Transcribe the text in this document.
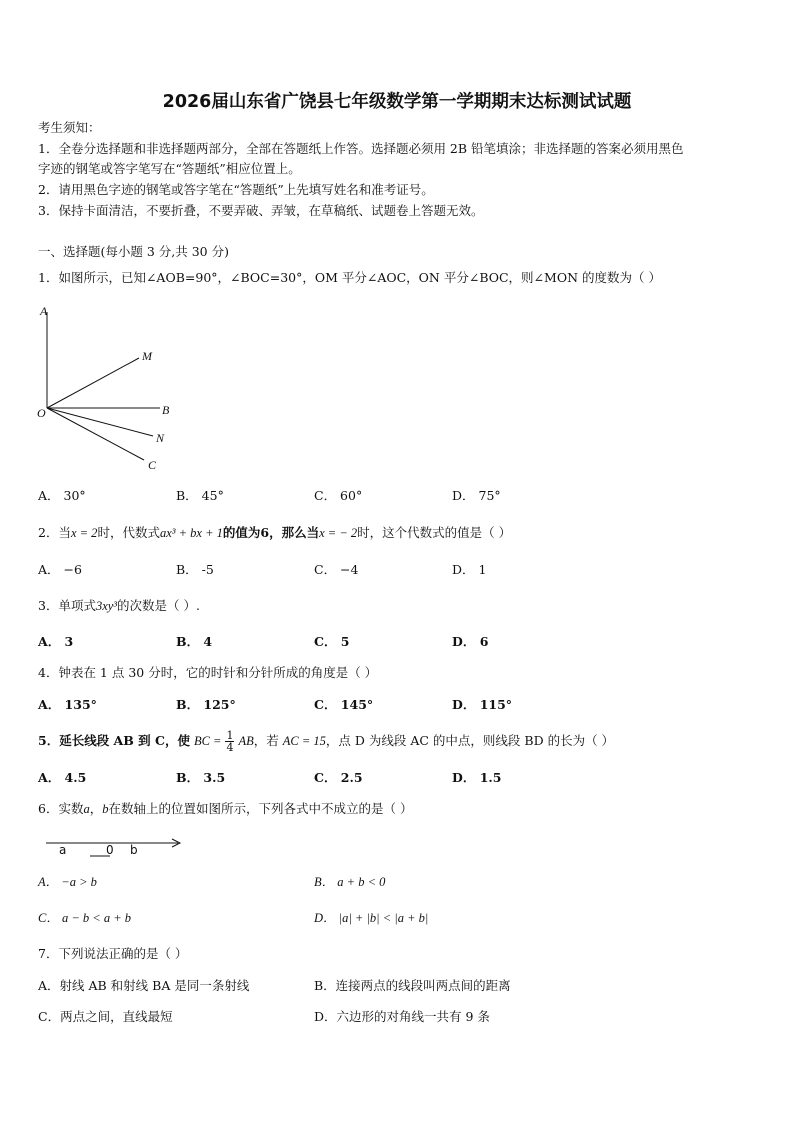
2026届山东省广饶县七年级数学第一学期期末达标测试试题
考生须知：
1．全卷分选择题和非选择题两部分，全部在答题纸上作答。选择题必须用 2B 铅笔填涂；非选择题的答案必须用黑色
字迹的钢笔或答字笔写在“答题纸”相应位置上。
2．请用黑色字迹的钢笔或答字笔在“答题纸”上先填写姓名和准考证号。
3．保持卡面清洁，不要折叠，不要弄破、弄皱，在草稿纸、试题卷上答题无效。
一、选择题(每小题 3 分,共 30 分)
1．如图所示，已知∠AOB=90°，∠BOC=30°，OM 平分∠AOC，ON 平分∠BOC，则∠MON 的度数为（ ）
A
M
O	B
N
C
A． 30°	B． 45°	C． 60°	D． 75°
2．当x = 2时，代数式ax³ + bx + 1的值为6，那么当x = − 2时，这个代数式的值是（ ）
A． −6	B． -5	C． −4	D． 1
3．单项式3xy³的次数是（ ）.
A． 3	B． 4	C． 5	D． 6
4．钟表在 1 点 30 分时，它的时针和分针所成的角度是（ ）
A． 135°	B． 125°	C． 145°	D． 115°
5．延长线段 AB 到 C，使 BC = $\frac{1}{4}$ AB，若 AC = 15，点 D 为线段 AC 的中点，则线段 BD 的长为（ ）
A． 4.5	B． 3.5	C． 2.5	D． 1.5
6．实数a，b在数轴上的位置如图所示，下列各式中不成立的是（ ）
a	0 b
A． −a > b	B． a + b < 0
C． a − b < a + b	D． |a| + |b| < |a + b|
7．下列说法正确的是（ ）
A．射线 AB 和射线 BA 是同一条射线	B．连接两点的线段叫两点间的距离
C．两点之间，直线最短	D．六边形的对角线一共有 9 条
